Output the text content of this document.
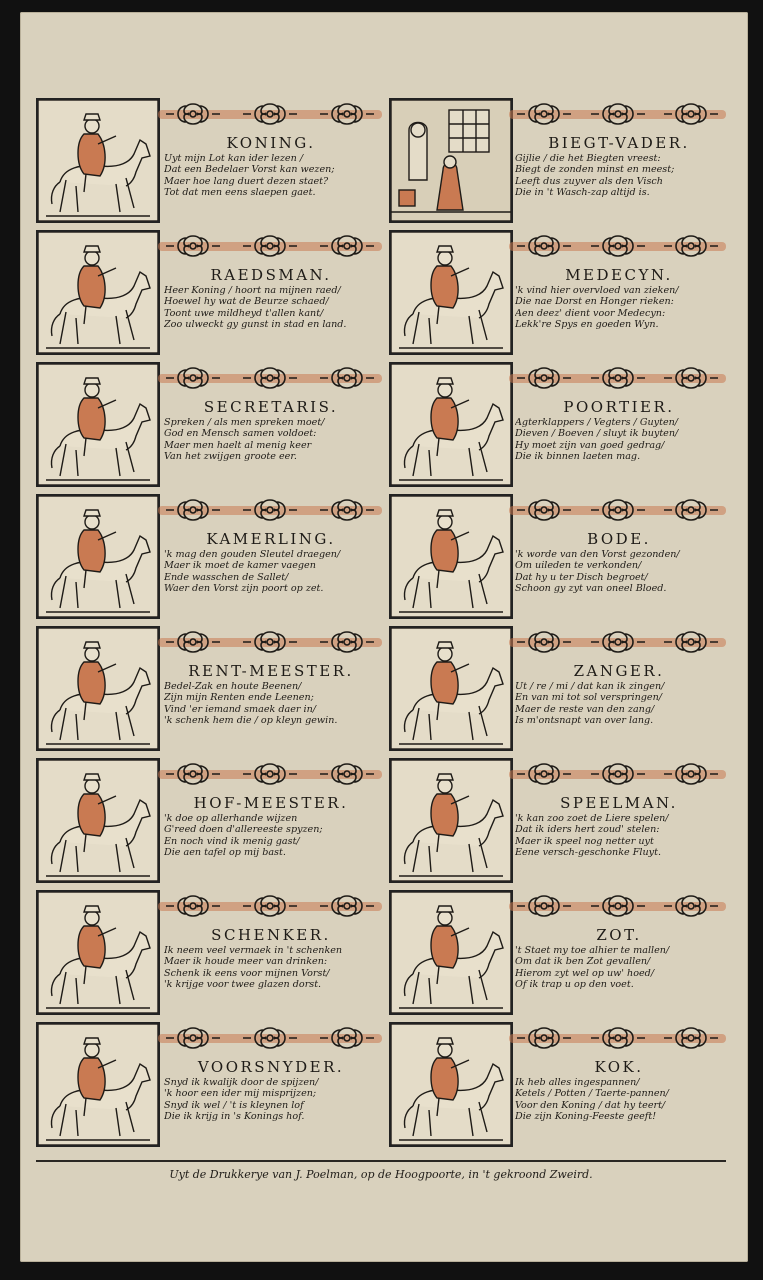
KONING.
Uyt mijn Lot kan ider lezen /
Dat een Bedelaer Vorst kan wezen;
Maer hoe lang duert dezen staet?
Tot dat men eens slaepen gaet.
RAEDSMAN.
Heer Koning / hoort na mijnen raed/
Hoewel hy wat de Beurze schaed/
Toont uwe mildheyd t'allen kant/
Zoo ulweckt gy gunst in stad en land.
SECRETARIS.
Spreken / als men spreken moet/
God en Mensch samen voldoet:
Maer men haelt al menig keer
Van het zwijgen groote eer.
KAMERLING.
'k mag den gouden Sleutel draegen/
Maer ik moet de kamer vaegen
Ende wasschen de Sallet/
Waer den Vorst zijn poort op zet.
RENT-MEESTER.
Bedel-Zak en houte Beenen/
Zijn mijn Renten ende Leenen;
Vind 'er iemand smaek daer in/
'k schenk hem die / op kleyn gewin.
HOF-MEESTER.
'k doe op allerhande wijzen
G'reed doen d'allereeste spyzen;
En noch vind ik menig gast/
Die aen tafel op mij bast.
SCHENKER.
Ik neem veel vermaek in 't schenken
Maer ik houde meer van drinken:
Schenk ik eens voor mijnen Vorst/
'k krijge voor twee glazen dorst.
VOORSNYDER.
Snyd ik kwalijk door de spijzen/
'k hoor een ider mij misprijzen;
Snyd ik wel / 't is kleynen lof
Die ik krijg in 's Konings hof.
BIEGT-VADER.
Gijlie / die het Biegten vreest:
Biegt de zonden minst en meest;
Leeft dus zuyver als den Visch
Die in 't Wasch-zap altijd is.
MEDECYN.
'k vind hier overvloed van zieken/
Die nae Dorst en Honger rieken:
Aen deez' dient voor Medecyn:
Lekk're Spys en goeden Wyn.
POORTIER.
Agterklappers / Vegters / Guyten/
Dieven / Boeven / sluyt ik buyten/
Hy moet zijn van goed gedrag/
Die ik binnen laeten mag.
BODE.
'k worde van den Vorst gezonden/
Om uileden te verkonden/
Dat hy u ter Disch begroet/
Schoon gy zyt van oneel Bloed.
ZANGER.
Ut / re / mi / dat kan ik zingen/
En van mi tot sol verspringen/
Maer de reste van den zang/
Is m'ontsnapt van over lang.
SPEELMAN.
'k kan zoo zoet de Liere spelen/
Dat ik iders hert zoud' stelen:
Maer ik speel nog netter uyt
Eene versch-geschonke Fluyt.
ZOT.
't Staet my toe alhier te mallen/
Om dat ik ben Zot gevallen/
Hierom zyt wel op uw' hoed/
Of ik trap u op den voet.
KOK.
Ik heb alles ingespannen/
Ketels / Potten / Taerte-pannen/
Voor den Koning / dat hy teert/
Die zijn Koning-Feeste geeft!
Uyt de Drukkerye van J. Poelman, op de Hoogpoorte, in 't gekroond Zweird.
